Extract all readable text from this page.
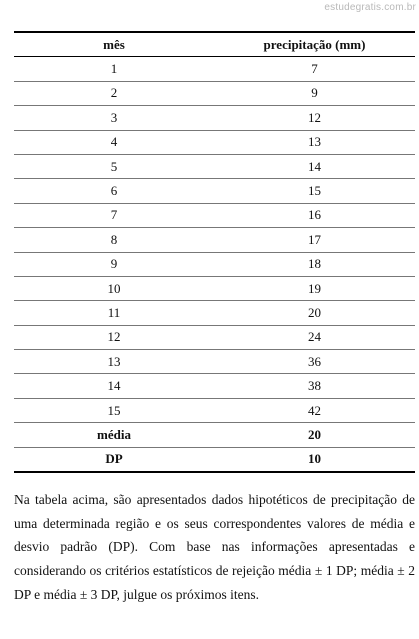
estudegratis.com.br
mês	precipitação (mm)
1	7
2	9
3	12
4	13
5	14
6	15
7	16
8	17
9	18
10	19
11	20
12	24
13	36
14	38
15	42
média	20
DP	10

Na tabela acima, são apresentados dados hipotéticos de precipitação de uma determinada região e os seus correspondentes valores de média e desvio padrão (DP). Com base nas informações apresentadas e considerando os critérios estatísticos de rejeição média ± 1 DP; média ± 2 DP e média ± 3 DP, julgue os próximos itens.
